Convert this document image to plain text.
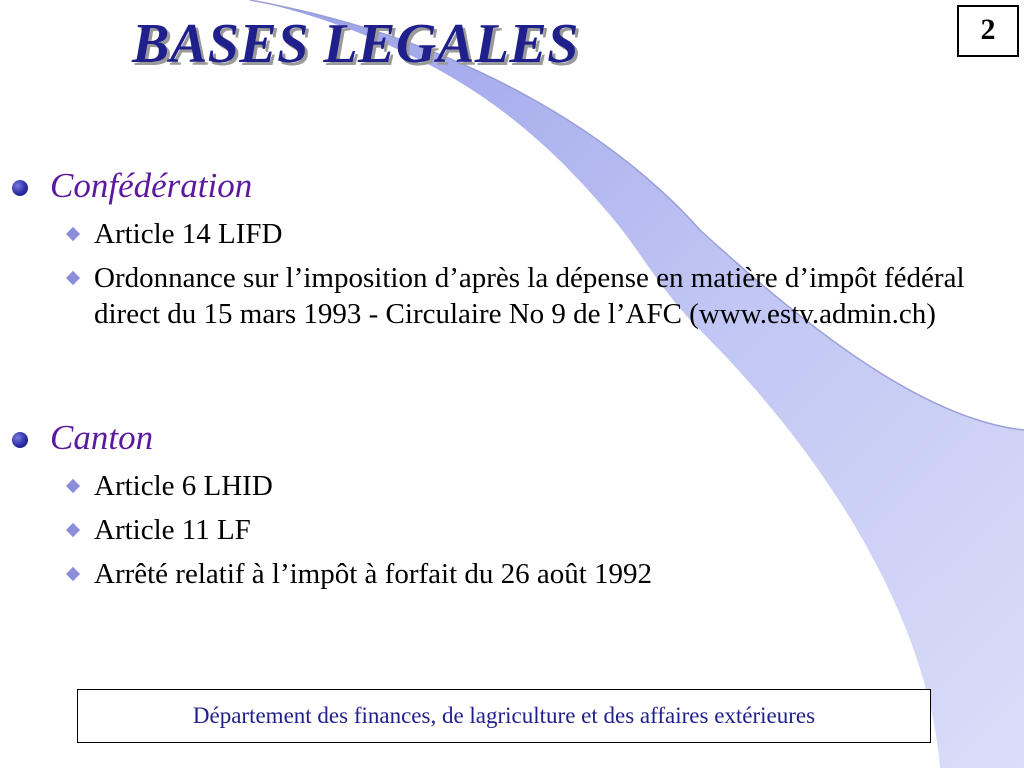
BASES LEGALES	2
Confédération
Article 14 LIFD
Ordonnance sur l’imposition d’après la dépense en matière d’impôt fédéral direct du 15 mars 1993 - Circulaire No 9 de l’AFC (www.estv.admin.ch)
Canton
Article 6 LHID
Article 11 LF
Arrêté relatif à l’impôt à forfait du 26 août 1992
Département des finances, de lagriculture et des affaires extérieures
